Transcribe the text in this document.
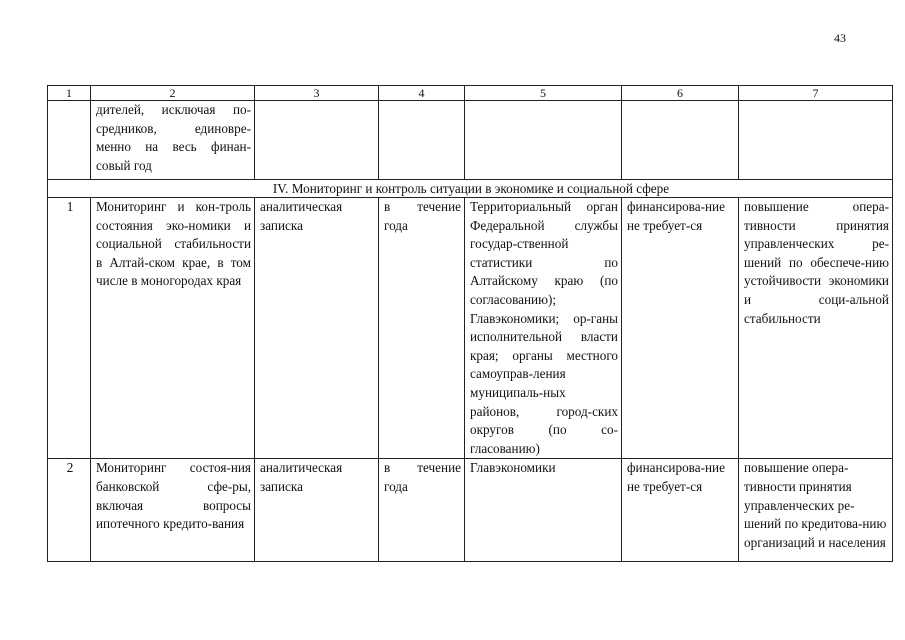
43
1	2	3	4	5	6	7
	дителей, исключая по-средников, единовре-менно на весь финан-совый год					
IV. Мониторинг и контроль ситуации в экономике и социальной сфере						
1	Мониторинг и кон-троль состояния эко-номики и социальной стабильности в Алтай-ском крае, в том числе в моногородах края	аналитическая записка	в течение года	Территориальный орган Федеральной службы государ-ственной статистики по Алтайскому краю (по согласованию); Главэкономики; ор-ганы исполнительной власти края; органы местного самоуправ-ления муниципаль-ных районов, город-ских округов (по со-гласованию)	финансирова-ние не требует-ся	повышение опера-тивности принятия управленческих ре-шений по обеспече-нию устойчивости экономики и соци-альной стабильности
2	Мониторинг состоя-ния банковской сфе-ры, включая вопросы ипотечного кредито-вания	аналитическая записка	в течение года	Главэкономики	финансирова-ние не требует-ся	повышение опера-тивности принятия управленческих ре-шений по кредитова-нию организаций и населения
